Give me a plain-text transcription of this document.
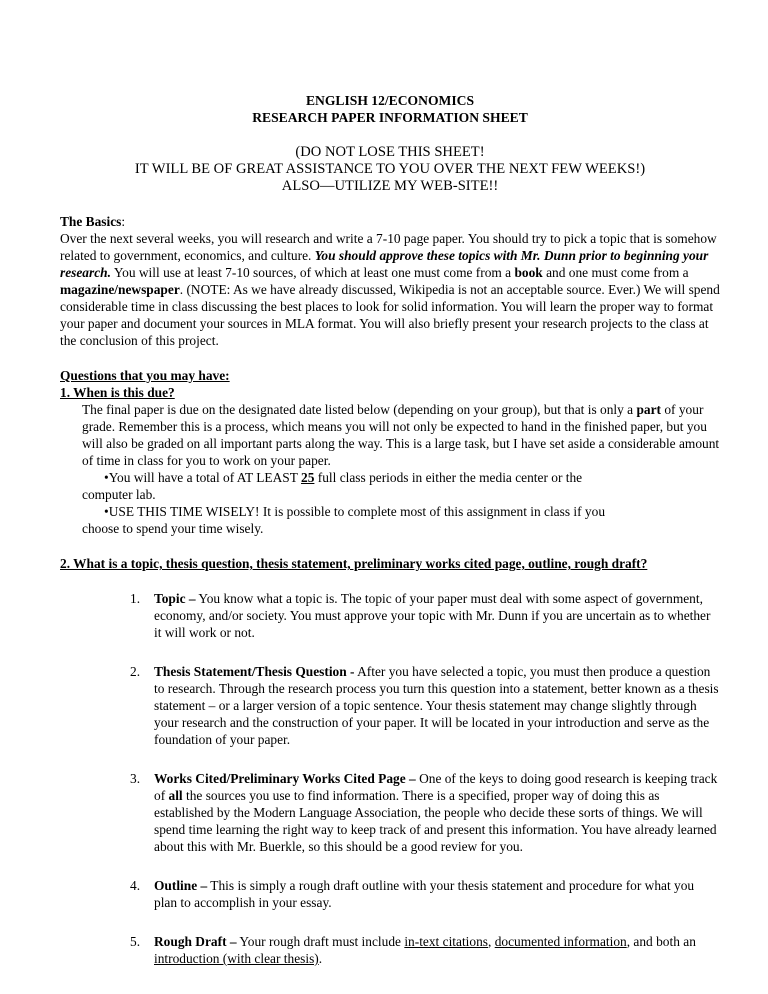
ENGLISH 12/ECONOMICS
RESEARCH PAPER INFORMATION SHEET
(DO NOT LOSE THIS SHEET!
IT WILL BE OF GREAT ASSISTANCE TO YOU OVER THE NEXT FEW WEEKS!)
ALSO—UTILIZE MY WEB-SITE!!
The Basics:
Over the next several weeks, you will research and write a 7-10 page paper. You should try to pick a topic that is somehow related to government, economics, and culture. You should approve these topics with Mr. Dunn prior to beginning your research. You will use at least 7-10 sources, of which at least one must come from a book and one must come from a magazine/newspaper. (NOTE: As we have already discussed, Wikipedia is not an acceptable source. Ever.) We will spend considerable time in class discussing the best places to look for solid information. You will learn the proper way to format your paper and document your sources in MLA format. You will also briefly present your research projects to the class at the conclusion of this project.
Questions that you may have:
1. When is this due?
The final paper is due on the designated date listed below (depending on your group), but that is only a part of your grade. Remember this is a process, which means you will not only be expected to hand in the finished paper, but you will also be graded on all important parts along the way. This is a large task, but I have set aside a considerable amount of time in class for you to work on your paper.
•You will have a total of AT LEAST 25 full class periods in either the media center or the
computer lab.
•USE THIS TIME WISELY! It is possible to complete most of this assignment in class if you
choose to spend your time wisely.
2. What is a topic, thesis question, thesis statement, preliminary works cited page, outline, rough draft?
1. Topic – You know what a topic is. The topic of your paper must deal with some aspect of government, economy, and/or society. You must approve your topic with Mr. Dunn if you are uncertain as to whether it will work or not.
2. Thesis Statement/Thesis Question - After you have selected a topic, you must then produce a question to research. Through the research process you turn this question into a statement, better known as a thesis statement – or a larger version of a topic sentence. Your thesis statement may change slightly through your research and the construction of your paper. It will be located in your introduction and serve as the foundation of your paper.
3. Works Cited/Preliminary Works Cited Page – One of the keys to doing good research is keeping track of all the sources you use to find information. There is a specified, proper way of doing this as established by the Modern Language Association, the people who decide these sorts of things. We will spend time learning the right way to keep track of and present this information. You have already learned about this with Mr. Buerkle, so this should be a good review for you.
4. Outline – This is simply a rough draft outline with your thesis statement and procedure for what you plan to accomplish in your essay.
5. Rough Draft – Your rough draft must include in-text citations, documented information, and both an introduction (with clear thesis).
